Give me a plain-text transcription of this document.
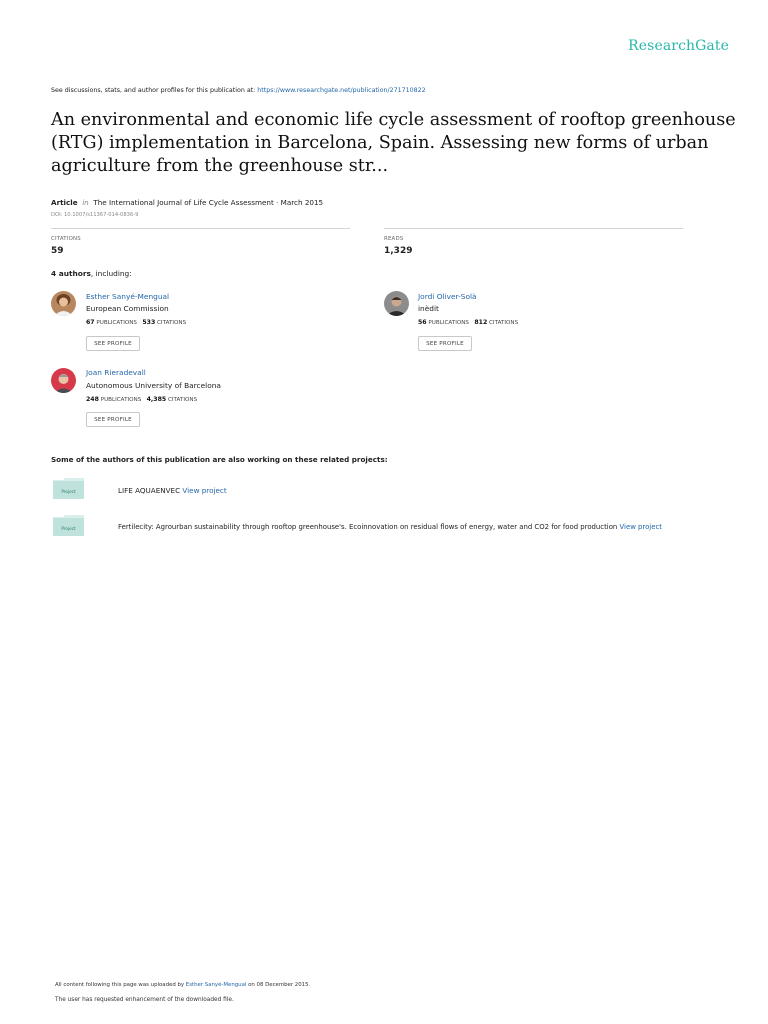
ResearchGate
See discussions, stats, and author profiles for this publication at: https://www.researchgate.net/publication/271710822
An environmental and economic life cycle assessment of rooftop greenhouse (RTG) implementation in Barcelona, Spain. Assessing new forms of urban agriculture from the greenhouse str...
Article in The International Journal of Life Cycle Assessment · March 2015
DOI: 10.1007/s11367-014-0836-9
CITATIONS
59
READS
1,329
4 authors, including:
Esther Sanyé-Mengual
European Commission
67 PUBLICATIONS 533 CITATIONS
SEE PROFILE
Jordi Oliver-Solà
inèdit
56 PUBLICATIONS 812 CITATIONS
SEE PROFILE
Joan Rieradevall
Autonomous University of Barcelona
248 PUBLICATIONS 4,385 CITATIONS
SEE PROFILE
Some of the authors of this publication are also working on these related projects:
Project	LIFE AQUAENVEC View project
Project	Fertilecity: Agrourban sustainability through rooftop greenhouse's. Ecoinnovation on residual flows of energy, water and CO2 for food production View project
All content following this page was uploaded by Esther Sanyé-Mengual on 08 December 2015.
The user has requested enhancement of the downloaded file.
